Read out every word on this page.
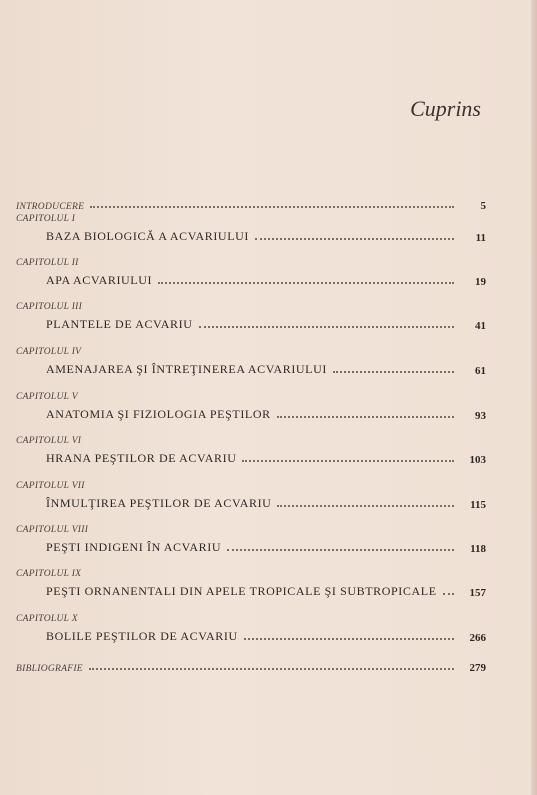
Cuprins
INTRODUCERE	5
CAPITOLUL I
BAZA BIOLOGICĂ A ACVARIULUI	11
CAPITOLUL II
APA ACVARIULUI	19
CAPITOLUL III
PLANTELE DE ACVARIU	41
CAPITOLUL IV
AMENAJAREA ŞI ÎNTREŢINEREA ACVARIULUI	61
CAPITOLUL V
ANATOMIA ŞI FIZIOLOGIA PEŞTILOR	93
CAPITOLUL VI
HRANA PEŞTILOR DE ACVARIU	103
CAPITOLUL VII
ÎNMULŢIREA PEŞTILOR DE ACVARIU	115
CAPITOLUL VIII
PEŞTI INDIGENI ÎN ACVARIU	118
CAPITOLUL IX
PEŞTI ORNANENTALI DIN APELE TROPICALE ŞI SUBTROPICALE	157
CAPITOLUL X
BOLILE PEŞTILOR DE ACVARIU	266
BIBLIOGRAFIE	279
